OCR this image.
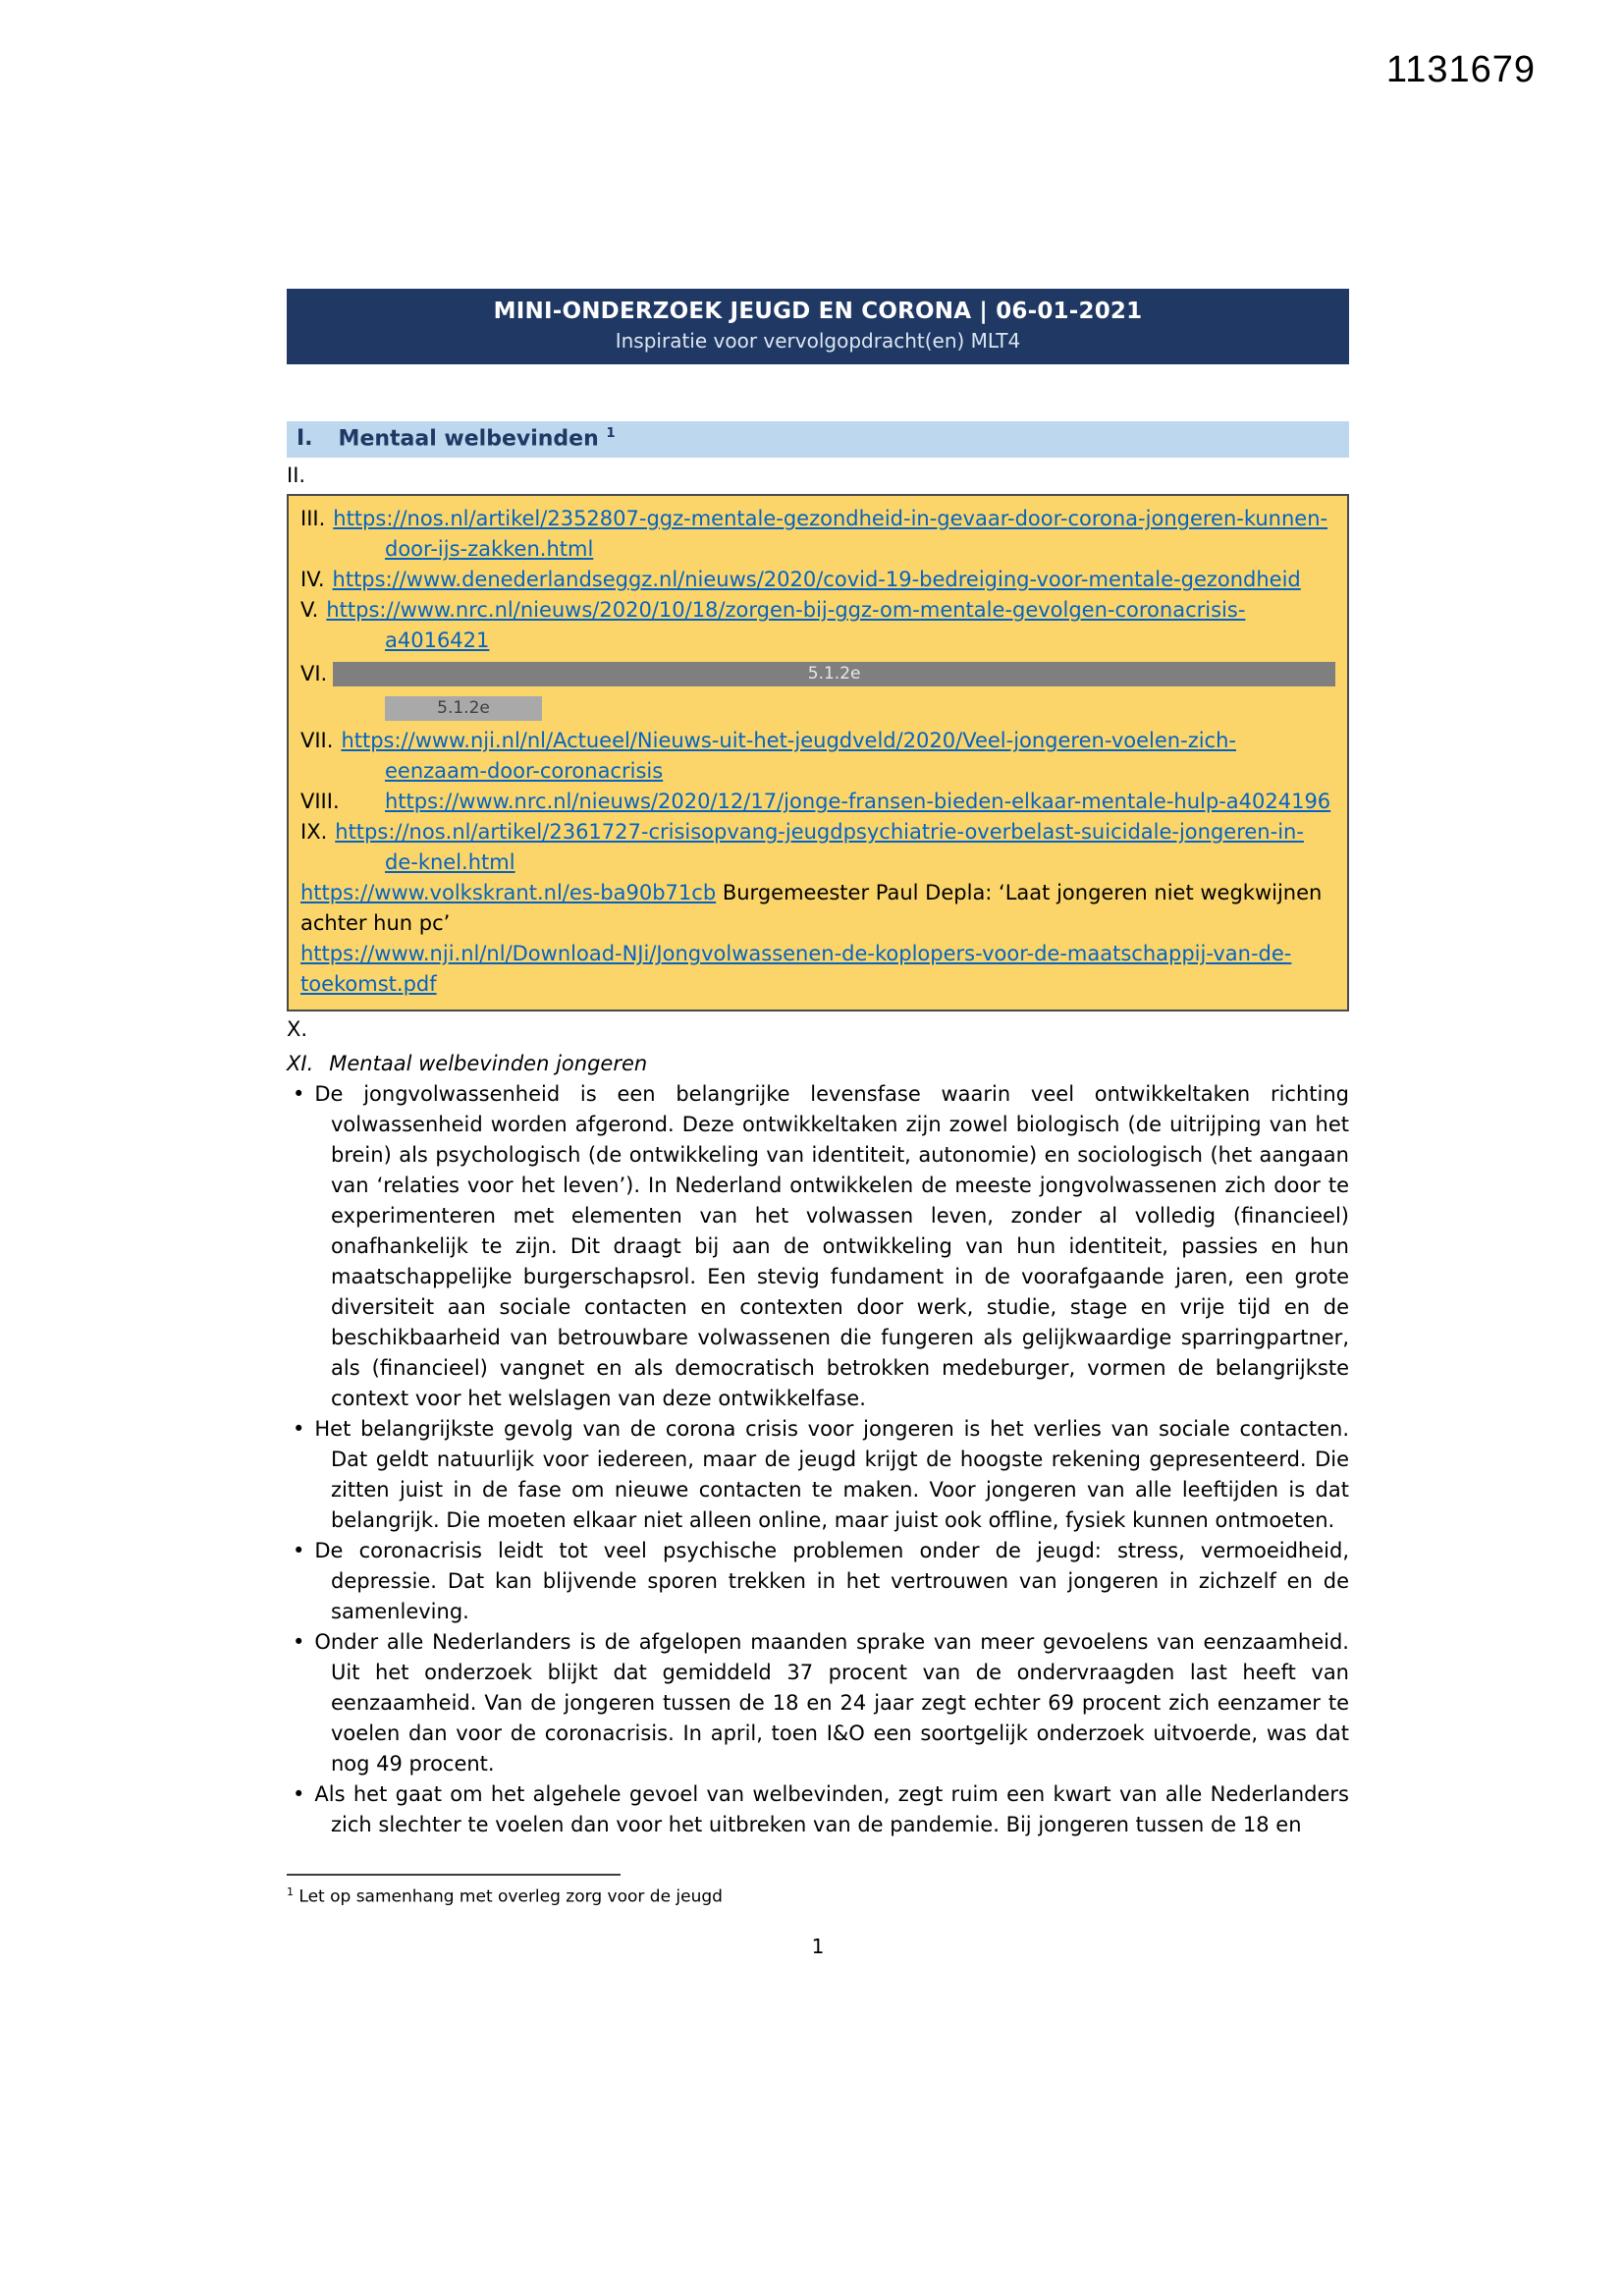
1131679
MINI-ONDERZOEK JEUGD EN CORONA | 06-01-2021
Inspiratie voor vervolgopdracht(en) MLT4
I. Mentaal welbevinden $^1$
II.
III. https://nos.nl/artikel/2352807-ggz-mentale-gezondheid-in-gevaar-door-corona-jongeren-kunnen-door-ijs-zakken.html
IV. https://www.denederlandseggz.nl/nieuws/2020/covid-19-bedreiging-voor-mentale-gezondheid
V. https://www.nrc.nl/nieuws/2020/10/18/zorgen-bij-ggz-om-mentale-gevolgen-coronacrisis-a4016421
VI.	5.1.2e
5.1.2e
VII. https://www.nji.nl/nl/Actueel/Nieuws-uit-het-jeugdveld/2020/Veel-jongeren-voelen-zich-eenzaam-door-coronacrisis
VIII. https://www.nrc.nl/nieuws/2020/12/17/jonge-fransen-bieden-elkaar-mentale-hulp-a4024196
IX. https://nos.nl/artikel/2361727-crisisopvang-jeugdpsychiatrie-overbelast-suicidale-jongeren-in-de-knel.html
https://www.volkskrant.nl/es-ba90b71cb Burgemeester Paul Depla: ‘Laat jongeren niet wegkwijnen achter hun pc’
https://www.nji.nl/nl/Download-NJi/Jongvolwassenen-de-koplopers-voor-de-maatschappij-van-de-toekomst.pdf
X.
XI. Mentaal welbevinden jongeren
• De jongvolwassenheid is een belangrijke levensfase waarin veel ontwikkeltaken richting volwassenheid worden afgerond. Deze ontwikkeltaken zijn zowel biologisch (de uitrijping van het brein) als psychologisch (de ontwikkeling van identiteit, autonomie) en sociologisch (het aangaan van ‘relaties voor het leven’). In Nederland ontwikkelen de meeste jongvolwassenen zich door te experimenteren met elementen van het volwassen leven, zonder al volledig (financieel) onafhankelijk te zijn. Dit draagt bij aan de ontwikkeling van hun identiteit, passies en hun maatschappelijke burgerschapsrol. Een stevig fundament in de voorafgaande jaren, een grote diversiteit aan sociale contacten en contexten door werk, studie, stage en vrije tijd en de beschikbaarheid van betrouwbare volwassenen die fungeren als gelijkwaardige sparringpartner, als (financieel) vangnet en als democratisch betrokken medeburger, vormen de belangrijkste context voor het welslagen van deze ontwikkelfase.
• Het belangrijkste gevolg van de corona crisis voor jongeren is het verlies van sociale contacten. Dat geldt natuurlijk voor iedereen, maar de jeugd krijgt de hoogste rekening gepresenteerd. Die zitten juist in de fase om nieuwe contacten te maken. Voor jongeren van alle leeftijden is dat belangrijk. Die moeten elkaar niet alleen online, maar juist ook offline, fysiek kunnen ontmoeten.
• De coronacrisis leidt tot veel psychische problemen onder de jeugd: stress, vermoeidheid, depressie. Dat kan blijvende sporen trekken in het vertrouwen van jongeren in zichzelf en de samenleving.
• Onder alle Nederlanders is de afgelopen maanden sprake van meer gevoelens van eenzaamheid. Uit het onderzoek blijkt dat gemiddeld 37 procent van de ondervraagden last heeft van eenzaamheid. Van de jongeren tussen de 18 en 24 jaar zegt echter 69 procent zich eenzamer te voelen dan voor de coronacrisis. In april, toen I&O een soortgelijk onderzoek uitvoerde, was dat nog 49 procent.
• Als het gaat om het algehele gevoel van welbevinden, zegt ruim een kwart van alle Nederlanders zich slechter te voelen dan voor het uitbreken van de pandemie. Bij jongeren tussen de 18 en
$^1$ Let op samenhang met overleg zorg voor de jeugd
1
